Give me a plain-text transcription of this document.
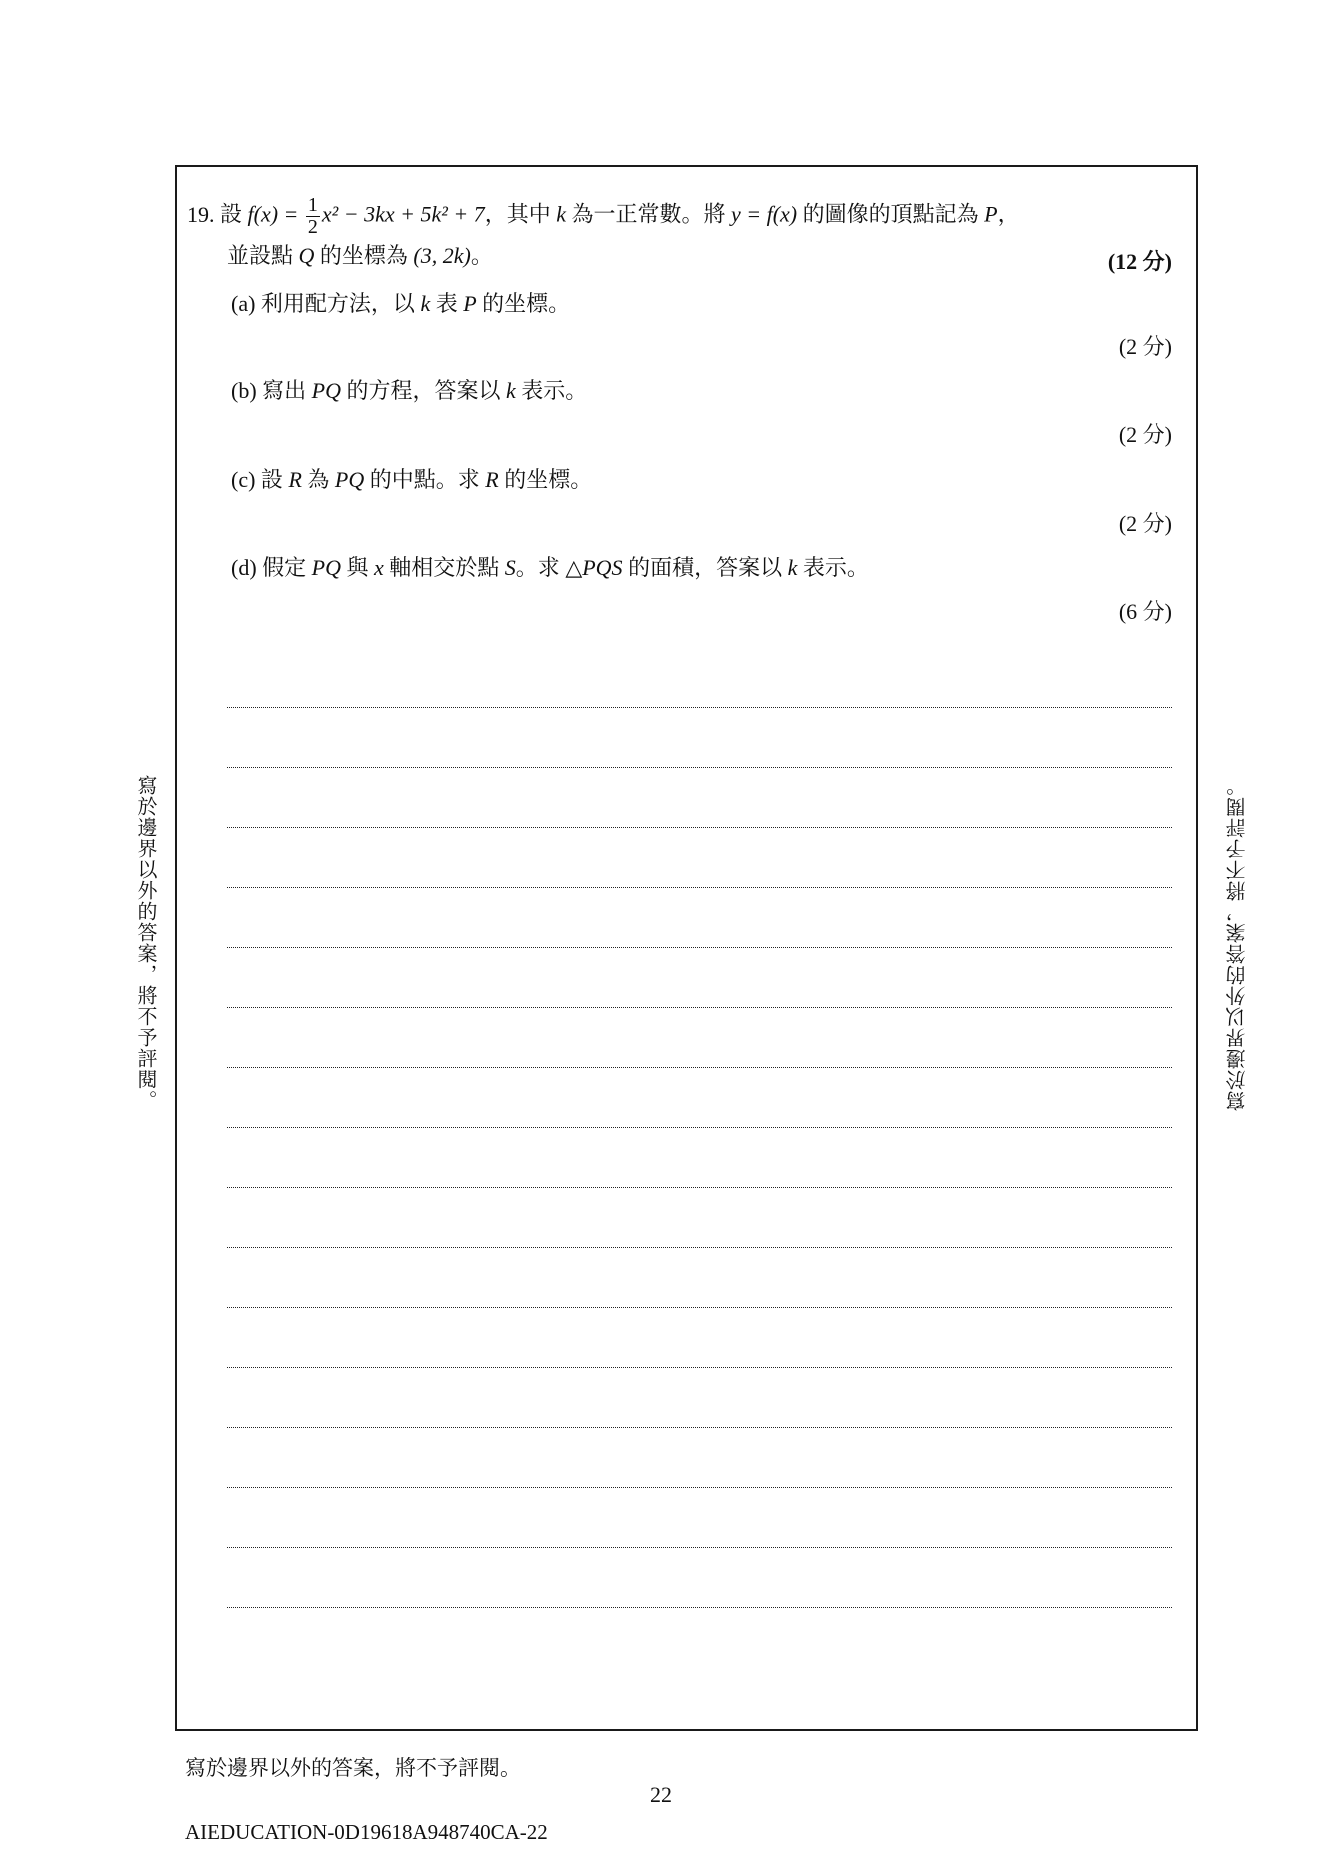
19. 設 $f(x) = \frac{1}{2} x^2 - 3kx + 5k^2 + 7$，其中 k 為一正常數。將 y = f(x) 的圖像的頂點記為 P，
並設點 Q 的坐標為 (3, 2k)。	(12 分)
(a) 利用配方法，以 k 表 P 的坐標。
(2 分)
(b) 寫出 PQ 的方程，答案以 k 表示。
(2 分)
(c) 設 R 為 PQ 的中點。求 R 的坐標。
(2 分)
(d) 假定 PQ 與 x 軸相交於點 S。求 △PQS 的面積，答案以 k 表示。
(6 分)
寫於邊界以外的答案，將不予評閱。	寫於邊界以外的答案，將不予評閱。
寫於邊界以外的答案，將不予評閱。
22
AIEDUCATION-0D19618A948740CA-22
